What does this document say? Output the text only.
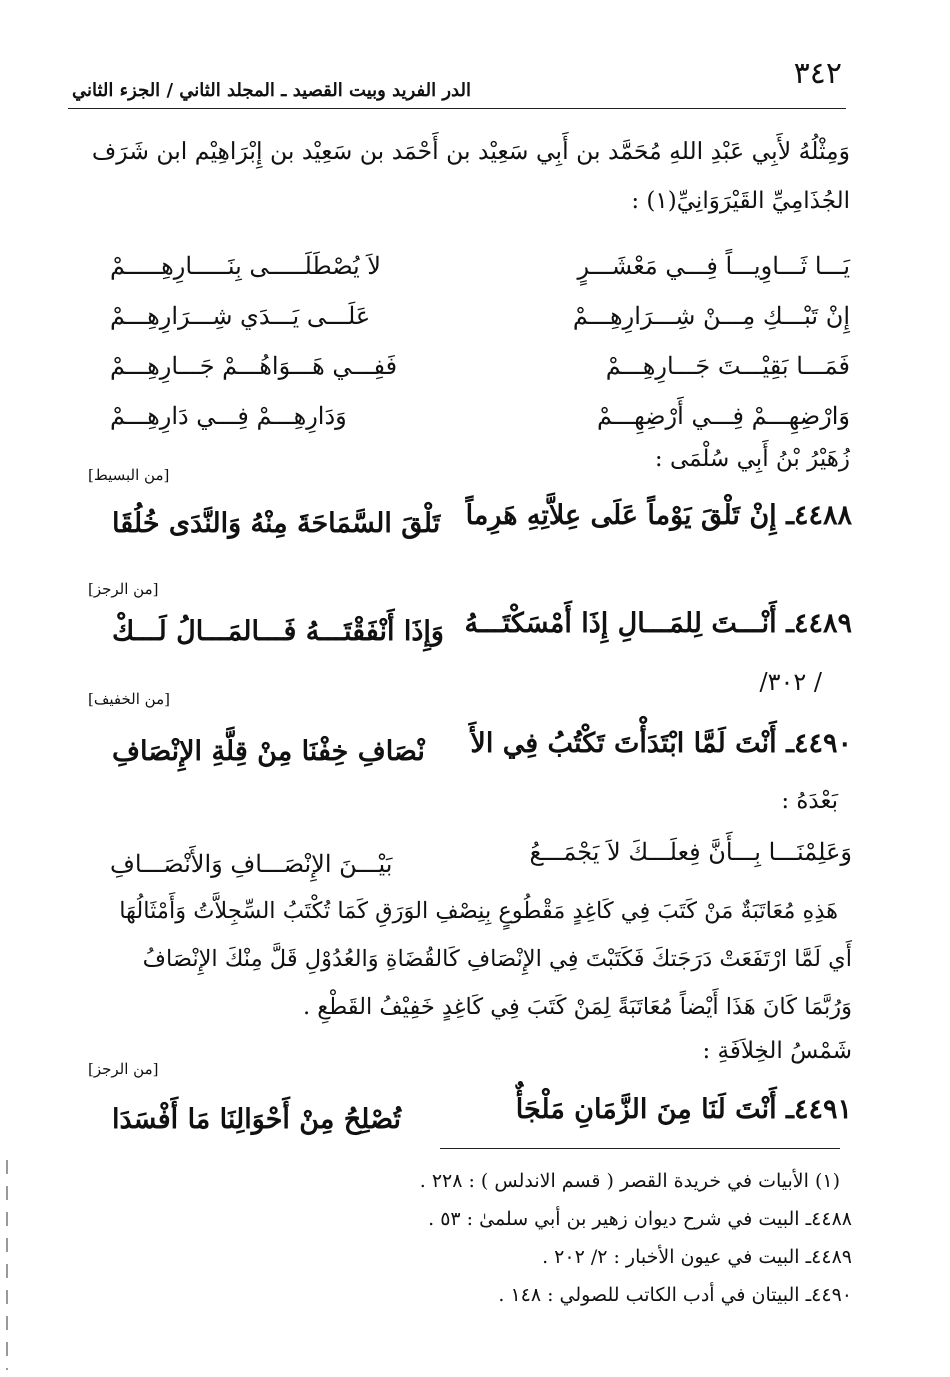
٣٤٢
الدر الفريد وبيت القصيد ـ المجلد الثاني / الجزء الثاني
وَمِثْلُهُ لأَبِي عَبْدِ اللهِ مُحَمَّد بن أَبِي سَعِيْد بن أَحْمَد بن سَعِيْد بن إِبْرَاهِيْم ابن شَرَف
الجُذَامِيِّ القَيْرَوَانِيِّ(١) :
يَـــا ثَـــاوِيـــاً فِـــي مَعْشَـــرٍ
لاَ يُصْطَلَـــــى بِنَـــــارِهِـــــمْ
إِنْ تَبْـــكِ مِـــنْ شِـــرَارِهِـــمْ
عَلَـــى يَـــدَي شِـــرَارِهِـــمْ
فَمَـــا بَقِيْـــتَ جَـــارِهِـــمْ
فَفِـــي هَـــوَاهُـــمْ جَـــارِهِـــمْ
وَارْضِهِـــمْ فِـــي أَرْضِهِـــمْ
وَدَارِهِـــمْ فِـــي دَارِهِـــمْ
زُهَيْرُ بْنُ أَبِي سُلْمَى :
[من البسيط]
٤٤٨٨ـ إِنْ تَلْقَ يَوْماً عَلَى عِلاَّتِهِ هَرِماً
تَلْقَ السَّمَاحَةَ مِنْهُ وَالنَّدَى خُلُقَا
[من الرجز]
٤٤٨٩ـ أَنْـــتَ لِلمَـــالِ إِذَا أَمْسَكْتَـــهُ
وَإِذَا أَنْفَقْتَـــهُ فَـــالمَـــالُ لَـــكْ
/ ٣٠٢/
[من الخفيف]
٤٤٩٠ـ أَنْتَ لَمَّا ابْتَدَأْتَ تَكْتُبُ فِي الأَ
نْصَافِ خِفْنَا مِنْ قِلَّةِ الإِنْصَافِ
بَعْدَهُ :
وَعَلِمْنَـــا بِـــأَنَّ فِعلَـــكَ لاَ يَجْمَـــعُ
بَيْـــنَ الإِنْصَـــافِ وَالأَنْصَـــافِ
هَذِهِ مُعَاتَبَةٌ مَنْ كَتَبَ فِي كَاغِدٍ مَقْطُوعٍ بِنِصْفِ الوَرَقِ كَمَا تُكْتَبُ السِّجِلاَّتُ وَأَمْثَالُهَا
أَي لَمَّا ارْتَفَعَتْ دَرَجَتكَ فَكَتَبْتَ فِي الإِنْصَافِ كَالقُضَاةِ وَالعُدُوْلِ قَلَّ مِنْكَ الإِنْصَافُ
وَرُبَّمَا كَانَ هَذَا أَيْضاً مُعَاتَبَةً لِمَنْ كَتَبَ فِي كَاغِدٍ خَفِيْفُ القَطْعِ .
شَمْسُ الخِلاَفَةِ :
[من الرجز]
٤٤٩١ـ أَنْتَ لَنَا مِنَ الزَّمَانِ مَلْجَأٌ
تُصْلِحُ مِنْ أَحْوَالِنَا مَا أَفْسَدَا
(١) الأبيات في خريدة القصر ( قسم الاندلس ) : ٢٢٨ .
٤٤٨٨ـ البيت في شرح ديوان زهير بن أبي سلمىٰ : ٥٣ .
٤٤٨٩ـ البيت في عيون الأخبار : ٢/ ٢٠٢ .
٤٤٩٠ـ البيتان في أدب الكاتب للصولي : ١٤٨ .
